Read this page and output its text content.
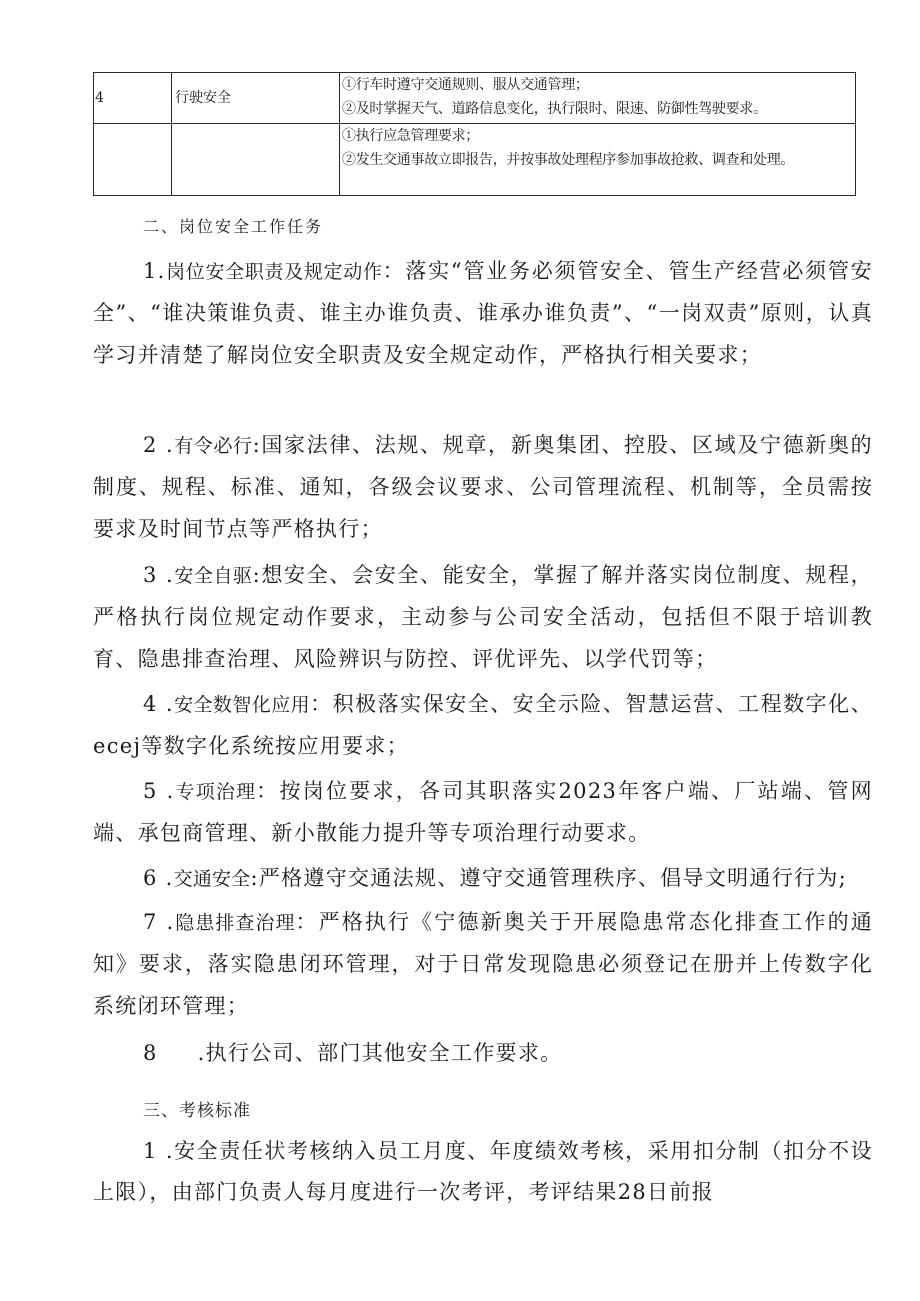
4	行驶安全	①行车时遵守交通规则、服从交通管理；
②及时掌握天气、道路信息变化，执行限时、限速、防御性驾驶要求。

		①执行应急管理要求；
②发生交通事故立即报告，并按事故处理程序参加事故抢救、调查和处理。
二、岗位安全工作任务
1.岗位安全职责及规定动作：落实“管业务必须管安全、管生产经营必须管安全”、“谁决策谁负责、谁主办谁负责、谁承办谁负责”、“一岗双责”原则，认真学习并清楚了解岗位安全职责及安全规定动作，严格执行相关要求；
2 .有令必行:国家法律、法规、规章，新奥集团、控股、区域及宁德新奥的制度、规程、标准、通知，各级会议要求、公司管理流程、机制等，全员需按要求及时间节点等严格执行；
3 .安全自驱:想安全、会安全、能安全，掌握了解并落实岗位制度、规程，严格执行岗位规定动作要求，主动参与公司安全活动，包括但不限于培训教育、隐患排查治理、风险辨识与防控、评优评先、以学代罚等；
4 .安全数智化应用：积极落实保安全、安全示险、智慧运营、工程数字化、ecej等数字化系统按应用要求；
5 .专项治理：按岗位要求，各司其职落实2023年客户端、厂站端、管网端、承包商管理、新小散能力提升等专项治理行动要求。
6 .交通安全:严格遵守交通法规、遵守交通管理秩序、倡导文明通行行为;
7 .隐患排查治理：严格执行《宁德新奥关于开展隐患常态化排查工作的通知》要求，落实隐患闭环管理，对于日常发现隐患必须登记在册并上传数字化系统闭环管理；
8 .执行公司、部门其他安全工作要求。
三、考核标准
1 .安全责任状考核纳入员工月度、年度绩效考核，采用扣分制（扣分不设上限），由部门负责人每月度进行一次考评，考评结果28日前报
